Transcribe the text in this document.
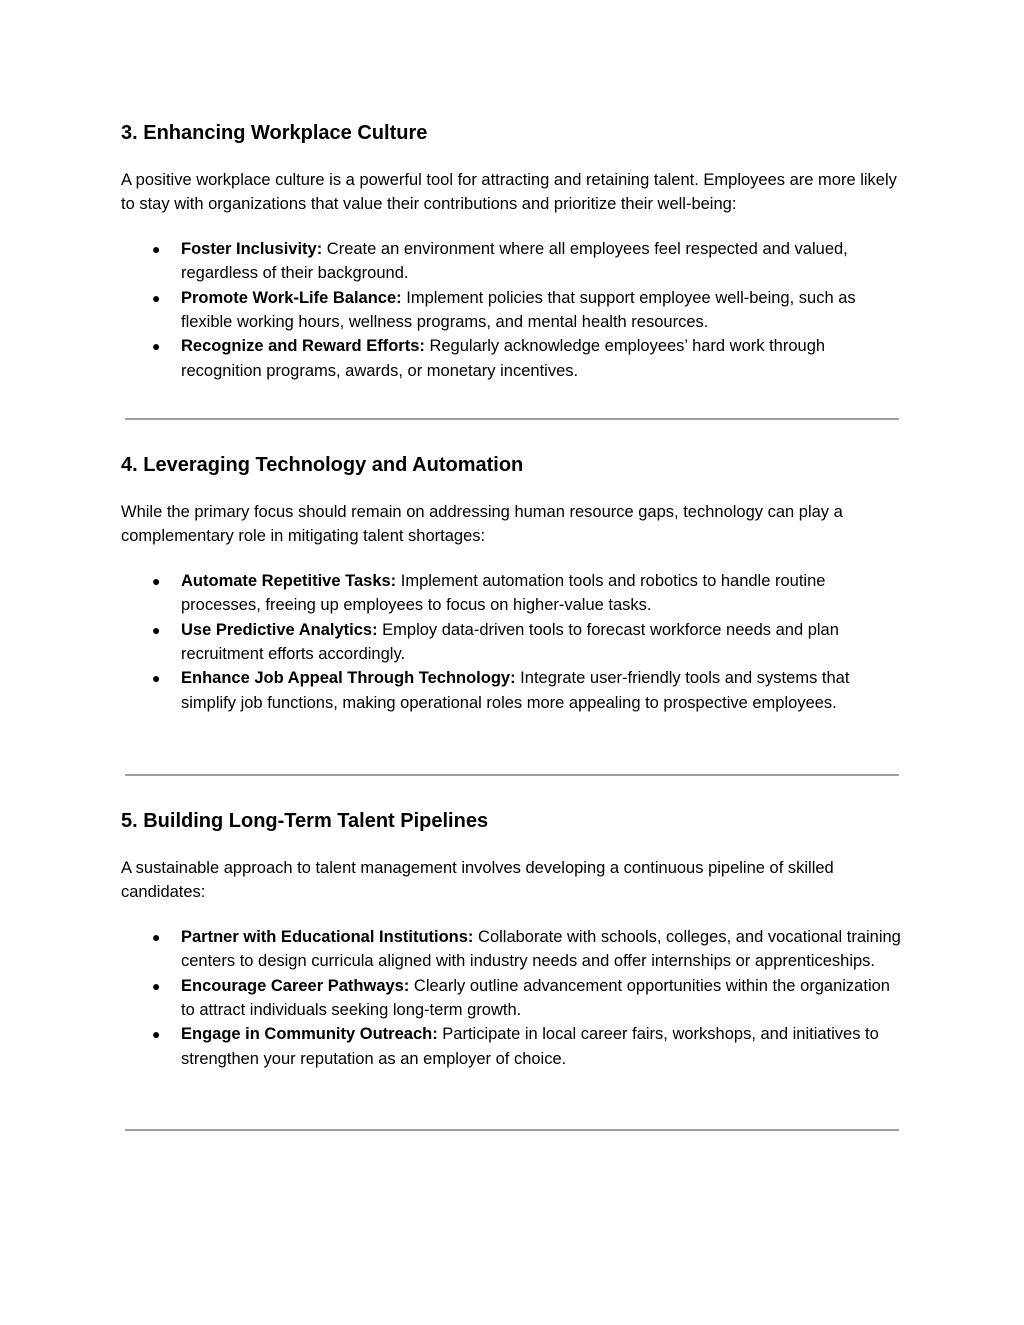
3. Enhancing Workplace Culture

A positive workplace culture is a powerful tool for attracting and retaining talent. Employees are more likely to stay with organizations that value their contributions and prioritize their well-being:

● Foster Inclusivity: Create an environment where all employees feel respected and valued, regardless of their background.
● Promote Work-Life Balance: Implement policies that support employee well-being, such as flexible working hours, wellness programs, and mental health resources.
● Recognize and Reward Efforts: Regularly acknowledge employees’ hard work through recognition programs, awards, or monetary incentives.
4. Leveraging Technology and Automation

While the primary focus should remain on addressing human resource gaps, technology can play a complementary role in mitigating talent shortages:

● Automate Repetitive Tasks: Implement automation tools and robotics to handle routine processes, freeing up employees to focus on higher-value tasks.
● Use Predictive Analytics: Employ data-driven tools to forecast workforce needs and plan recruitment efforts accordingly.
● Enhance Job Appeal Through Technology: Integrate user-friendly tools and systems that simplify job functions, making operational roles more appealing to prospective employees.
5. Building Long-Term Talent Pipelines

A sustainable approach to talent management involves developing a continuous pipeline of skilled candidates:

● Partner with Educational Institutions: Collaborate with schools, colleges, and vocational training centers to design curricula aligned with industry needs and offer internships or apprenticeships.
● Encourage Career Pathways: Clearly outline advancement opportunities within the organization to attract individuals seeking long-term growth.
● Engage in Community Outreach: Participate in local career fairs, workshops, and initiatives to strengthen your reputation as an employer of choice.
